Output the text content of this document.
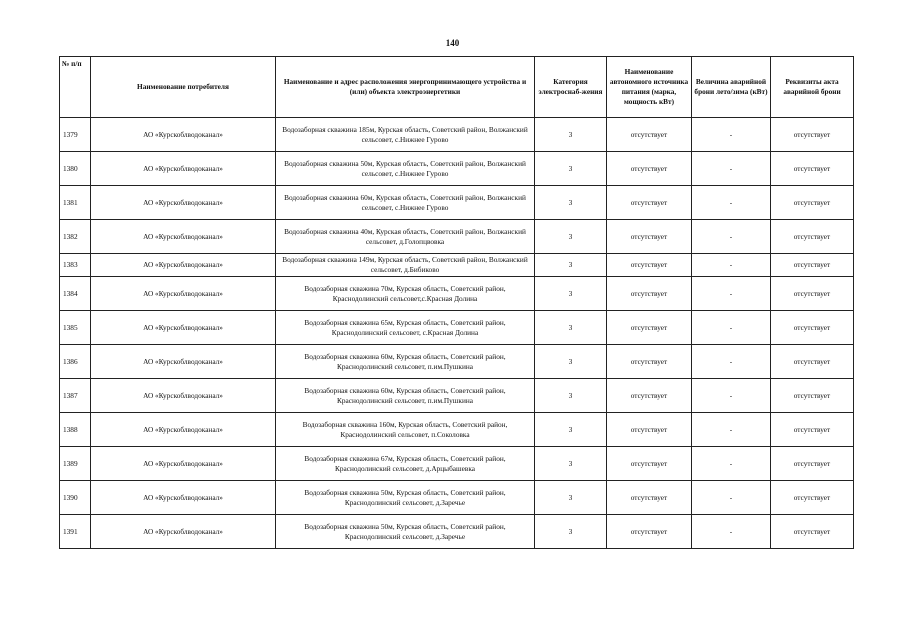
140
№ п/п	Наименование потребителя	Наименование и адрес расположения энергопринимающего устройства и (или) объекта электроэнергетики	Категория электроснаб-жения	Наименование автономного источника питания (марка, мощность кВт)	Величина аварийной брони лето/зима (кВт)	Реквизиты акта аварийной брони
1379	АО «Курскоблводоканал»	Водозаборная скважина 185м, Курская область, Советский район, Волжанский сельсовет, с.Нижнее Гурово	3	отсутствует	-	отсутствует
1380	АО «Курскоблводоканал»	Водозаборная скважина 50м, Курская область, Советский район, Волжанский сельсовет, с.Нижнее Гурово	3	отсутствует	-	отсутствует
1381	АО «Курскоблводоканал»	Водозаборная скважина 60м, Курская область, Советский район, Волжанский сельсовет, с.Нижнее Гурово	3	отсутствует	-	отсутствует
1382	АО «Курскоблводоканал»	Водозаборная скважина 40м, Курская область, Советский район, Волжанский сельсовет, д.Голопцвовка	3	отсутствует	-	отсутствует
1383	АО «Курскоблводоканал»	Водозаборная скважина 149м, Курская область, Советский район, Волжанский сельсовет, д.Бибиково	3	отсутствует	-	отсутствует
1384	АО «Курскоблводоканал»	Водозаборная скважина 70м, Курская область, Советский район, Краснодолинский сельсовет,с.Красная Долина	3	отсутствует	-	отсутствует
1385	АО «Курскоблводоканал»	Водозаборная скважина 65м, Курская область, Советский район, Краснодолинский сельсовет, с.Красная Долина	3	отсутствует	-	отсутствует
1386	АО «Курскоблводоканал»	Водозаборная скважина 60м, Курская область, Советский район, Краснодолинский сельсовет, п.им.Пушкина	3	отсутствует	-	отсутствует
1387	АО «Курскоблводоканал»	Водозаборная скважина 60м, Курская область, Советский район, Краснодолинский сельсовет, п.им.Пушкина	3	отсутствует	-	отсутствует
1388	АО «Курскоблводоканал»	Водозаборная скважина 160м, Курская область, Советский район, Краснодолинский сельсовет, п.Соколовка	3	отсутствует	-	отсутствует
1389	АО «Курскоблводоканал»	Водозаборная скважина 67м, Курская область, Советский район, Краснодолинский сельсовет, д.Арцыбашевка	3	отсутствует	-	отсутствует
1390	АО «Курскоблводоканал»	Водозаборная скважина 50м, Курская область, Советский район, Краснодолинский сельсовет, д.Заречье	3	отсутствует	-	отсутствует
1391	АО «Курскоблводоканал»	Водозаборная скважина 50м, Курская область, Советский район, Краснодолинский сельсовет, д.Заречье	3	отсутствует	-	отсутствует
